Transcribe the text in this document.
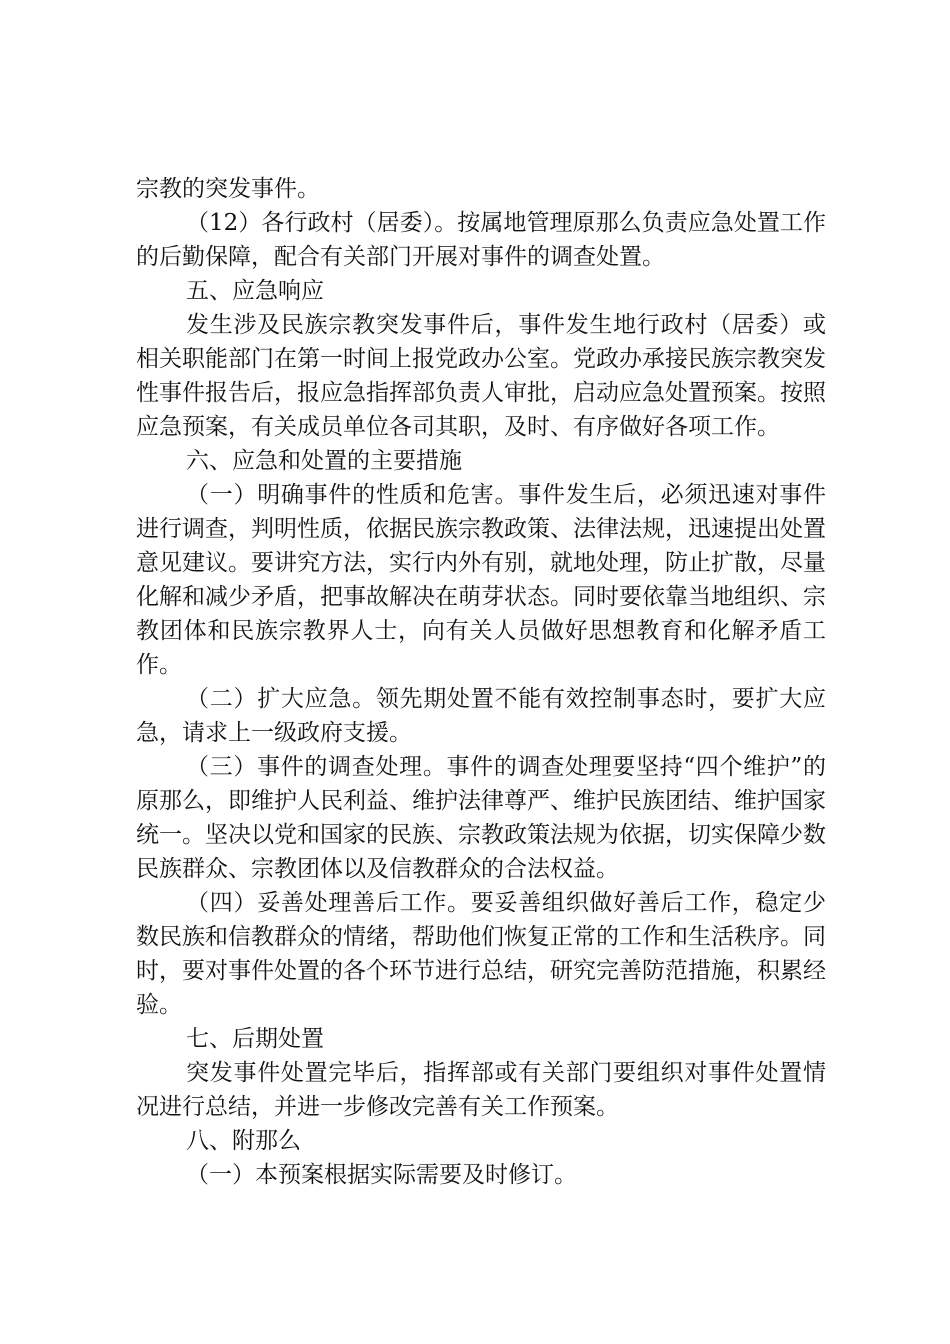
宗教的突发事件。

（12）各行政村（居委）。按属地管理原那么负责应急处置工作的后勤保障，配合有关部门开展对事件的调查处置。

五、应急响应

发生涉及民族宗教突发事件后，事件发生地行政村（居委）或相关职能部门在第一时间上报党政办公室。党政办承接民族宗教突发性事件报告后，报应急指挥部负责人审批，启动应急处置预案。按照应急预案，有关成员单位各司其职，及时、有序做好各项工作。

六、应急和处置的主要措施

（一）明确事件的性质和危害。事件发生后，必须迅速对事件进行调查，判明性质，依据民族宗教政策、法律法规，迅速提出处置意见建议。要讲究方法，实行内外有别，就地处理，防止扩散，尽量化解和减少矛盾，把事故解决在萌芽状态。同时要依靠当地组织、宗教团体和民族宗教界人士，向有关人员做好思想教育和化解矛盾工作。

（二）扩大应急。领先期处置不能有效控制事态时，要扩大应急，请求上一级政府支援。

（三）事件的调查处理。事件的调查处理要坚持“四个维护”的原那么，即维护人民利益、维护法律尊严、维护民族团结、维护国家统一。坚决以党和国家的民族、宗教政策法规为依据，切实保障少数民族群众、宗教团体以及信教群众的合法权益。

（四）妥善处理善后工作。要妥善组织做好善后工作，稳定少数民族和信教群众的情绪，帮助他们恢复正常的工作和生活秩序。同时，要对事件处置的各个环节进行总结，研究完善防范措施，积累经验。

七、后期处置

突发事件处置完毕后，指挥部或有关部门要组织对事件处置情况进行总结，并进一步修改完善有关工作预案。

八、附那么

（一）本预案根据实际需要及时修订。
